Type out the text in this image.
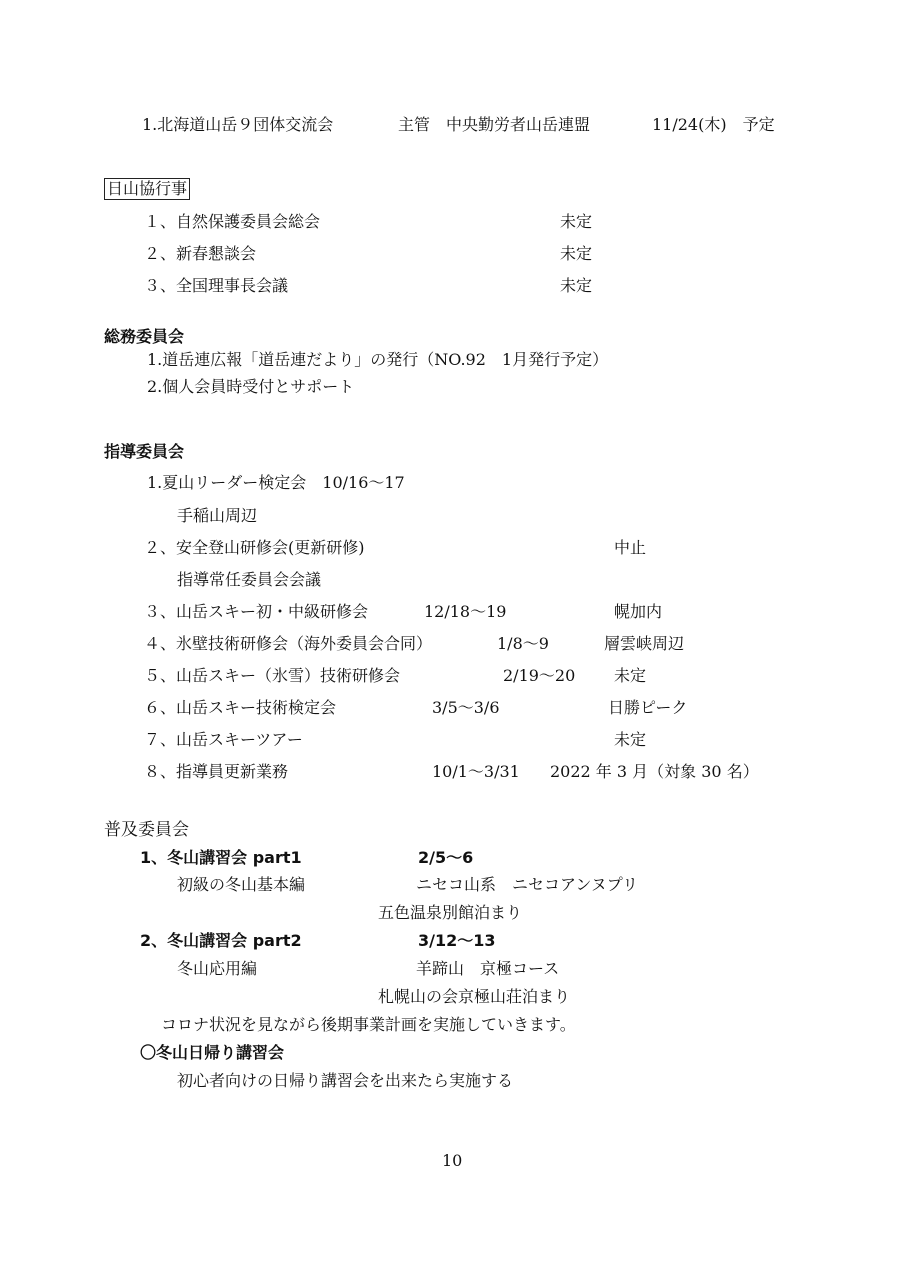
1.北海道山岳９団体交流会	主管　中央勤労者山岳連盟	11/24(木)　予定
日山協行事
１、自然保護委員会総会	未定
２、新春懇談会	未定
３、全国理事長会議	未定
総務委員会
1.道岳連広報「道岳連だより」の発行（NO.92　1月発行予定）
2.個人会員時受付とサポート
指導委員会
1.夏山リーダー検定会　10/16～17
手稲山周辺
２、安全登山研修会(更新研修)	中止
指導常任委員会会議
３、山岳スキー初・中級研修会	12/18～19	幌加内
４、氷壁技術研修会（海外委員会合同）	1/8～9	層雲峡周辺
５、山岳スキー（氷雪）技術研修会	2/19～20 未定
６、山岳スキー技術検定会	3/5～3/6	日勝ピーク
７、山岳スキーツアー	未定
８、指導員更新業務	10/1～3/31 2022 年 3 月（対象 30 名）
普及委員会
1、冬山講習会 part1	2/5～6
初級の冬山基本編	ニセコ山系　ニセコアンヌプリ
五色温泉別館泊まり
2、冬山講習会 part2	3/12～13
冬山応用編	羊蹄山　京極コース
札幌山の会京極山荘泊まり
コロナ状況を見ながら後期事業計画を実施していきます。
〇冬山日帰り講習会
初心者向けの日帰り講習会を出来たら実施する
10
